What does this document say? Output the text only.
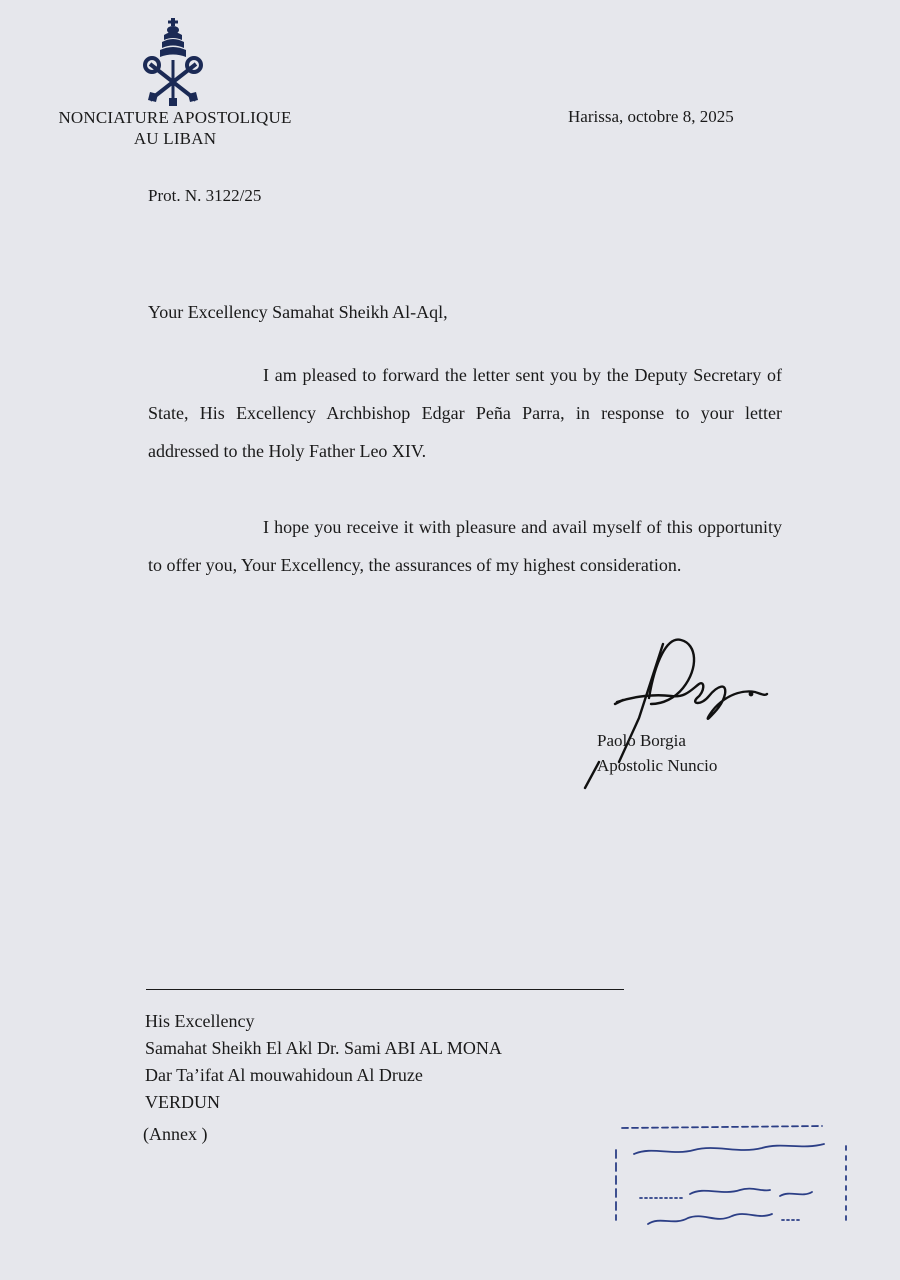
NONCIATURE APOSTOLIQUE
AU LIBAN
Harissa, octobre 8, 2025
Prot. N. 3122/25
Your Excellency Samahat Sheikh Al-Aql,

I am pleased to forward the letter sent you by the Deputy Secretary of State, His Excellency Archbishop Edgar Peña Parra, in response to your letter addressed to the Holy Father Leo XIV.

I hope you receive it with pleasure and avail myself of this opportunity to offer you, Your Excellency, the assurances of my highest consideration.

Paolo Borgia
Apostolic Nuncio
His Excellency
Samahat Sheikh El Akl Dr. Sami ABI AL MONA
Dar Ta’ifat Al mouwahidoun Al Druze
VERDUN
(Annex )
